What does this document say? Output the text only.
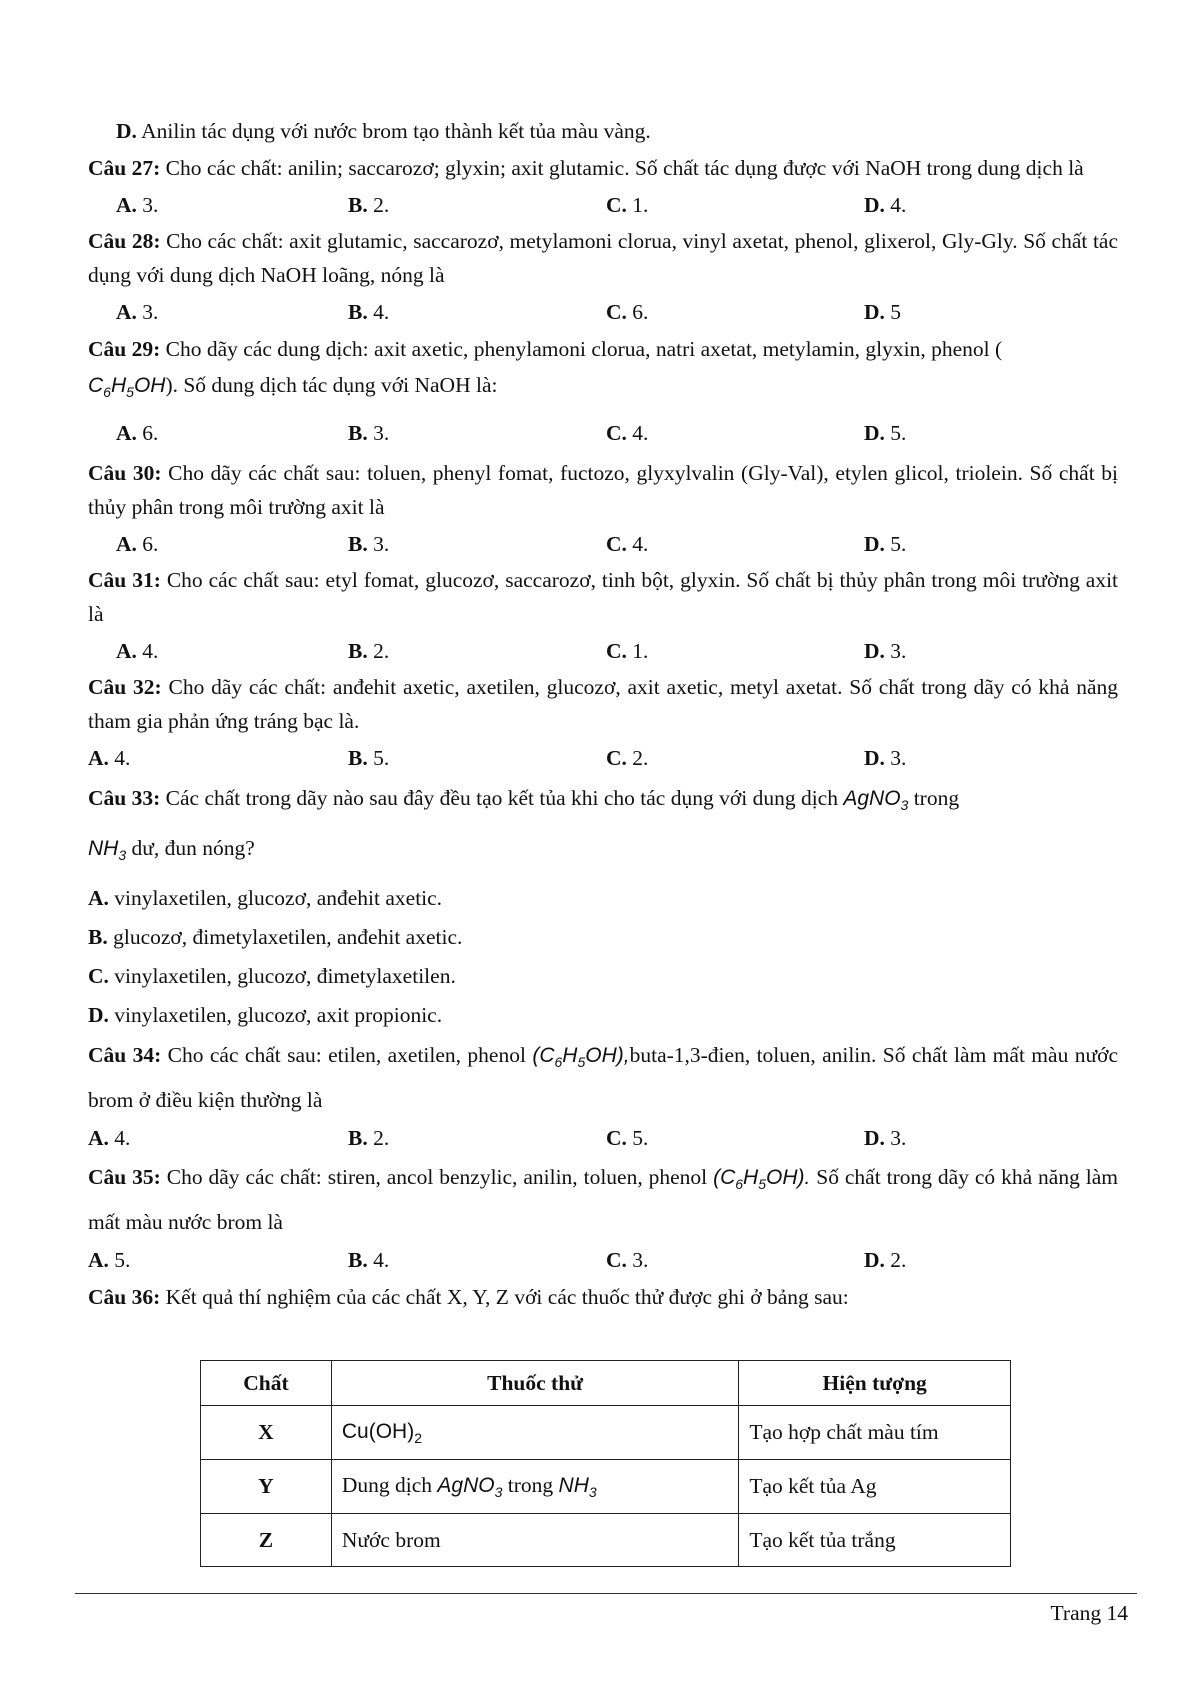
D. Anilin tác dụng với nước brom tạo thành kết tủa màu vàng.

Câu 27: Cho các chất: anilin; saccarozơ; glyxin; axit glutamic. Số chất tác dụng được với NaOH trong dung dịch là

A. 3.	B. 2.	C. 1.	D. 4.

Câu 28: Cho các chất: axit glutamic, saccarozơ, metylamoni clorua, vinyl axetat, phenol, glixerol, Gly-Gly. Số chất tác dụng với dung dịch NaOH loãng, nóng là

A. 3.	B. 4.	C. 6.	D. 5

Câu 29: Cho dãy các dung dịch: axit axetic, phenylamoni clorua, natri axetat, metylamin, glyxin, phenol (
$C_6H_5OH$). Số dung dịch tác dụng với NaOH là:

A. 6.	B. 3.	C. 4.	D. 5.

Câu 30: Cho dãy các chất sau: toluen, phenyl fomat, fuctozo, glyxylvalin (Gly-Val), etylen glicol, triolein. Số chất bị thủy phân trong môi trường axit là

A. 6.	B. 3.	C. 4.	D. 5.

Câu 31: Cho các chất sau: etyl fomat, glucozơ, saccarozơ, tinh bột, glyxin. Số chất bị thủy phân trong môi trường axit là

A. 4.	B. 2.	C. 1.	D. 3.

Câu 32: Cho dãy các chất: anđehit axetic, axetilen, glucozơ, axit axetic, metyl axetat. Số chất trong dãy có khả năng tham gia phản ứng tráng bạc là.

A. 4.	B. 5.	C. 2.	D. 3.

Câu 33: Các chất trong dãy nào sau đây đều tạo kết tủa khi cho tác dụng với dung dịch AgNO$_3$ trong
$NH_3$ dư, đun nóng?

A. vinylaxetilen, glucozơ, anđehit axetic.

B. glucozơ, đimetylaxetilen, anđehit axetic.

C. vinylaxetilen, glucozơ, đimetylaxetilen.

D. vinylaxetilen, glucozơ, axit propionic.

Câu 34: Cho các chất sau: etilen, axetilen, phenol $(C_6H_5OH),buta-1,3$-đien, toluen, anilin. Số chất làm mất màu nước brom ở điều kiện thường là

A. 4.	B. 2.	C. 5.	D. 3.

Câu 35: Cho dãy các chất: stiren, ancol benzylic, anilin, toluen, phenol $(C_6H_5OH)$. Số chất trong dãy có khả năng làm mất màu nước brom là

A. 5.	B. 4.	C. 3.	D. 2.

Câu 36: Kết quả thí nghiệm của các chất X, Y, Z với các thuốc thử được ghi ở bảng sau:

Chất	Thuốc thử	Hiện tượng
X	$Cu(OH)_2$	Tạo hợp chất màu tím
Y	Dung dịch AgNO$_3$ trong $NH_3$	Tạo kết tủa Ag
Z	Nước brom	Tạo kết tủa trắng
Trang 14
